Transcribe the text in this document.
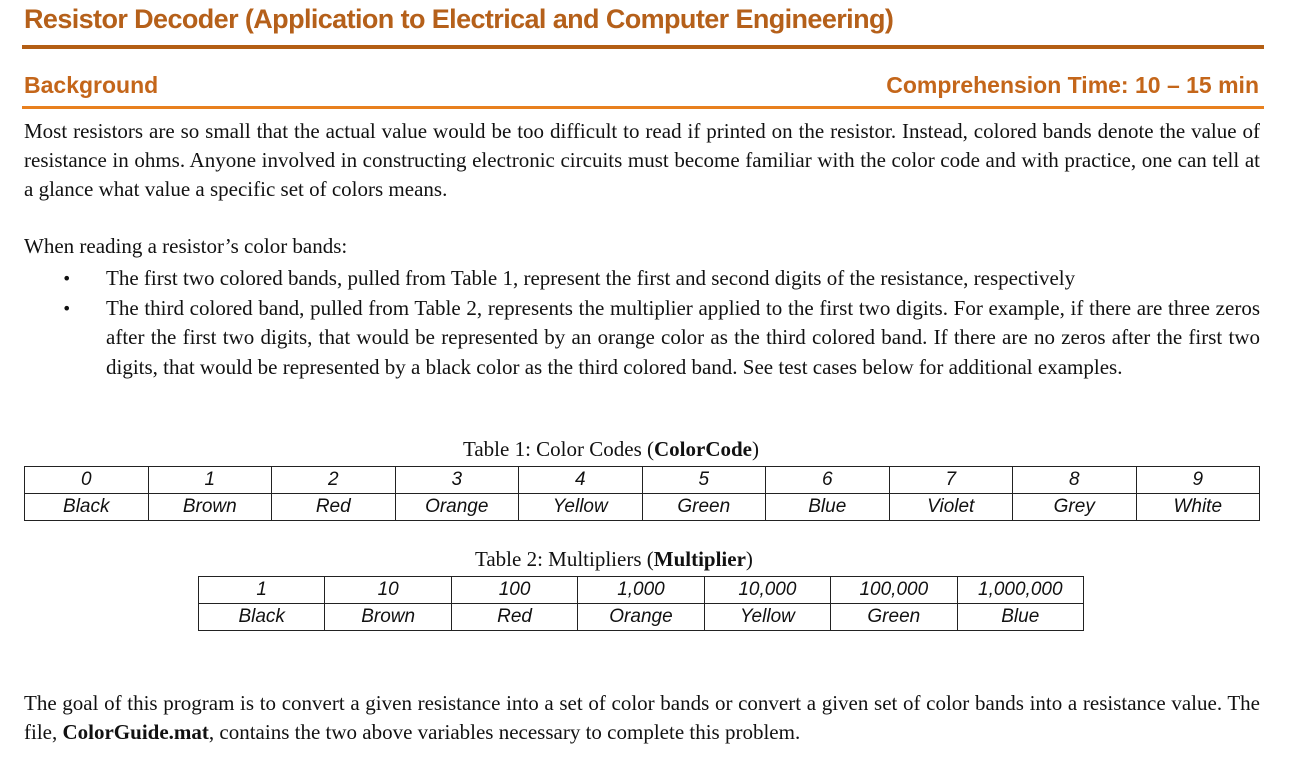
Resistor Decoder (Application to Electrical and Computer Engineering)
Background	Comprehension Time: 10 – 15 min
Most resistors are so small that the actual value would be too difficult to read if printed on the resistor. Instead, colored bands denote the value of resistance in ohms. Anyone involved in constructing electronic circuits must become familiar with the color code and with practice, one can tell at a glance what value a specific set of colors means.
When reading a resistor’s color bands:
• The first two colored bands, pulled from Table 1, represent the first and second digits of the resistance, respectively
• The third colored band, pulled from Table 2, represents the multiplier applied to the first two digits. For example, if there are three zeros after the first two digits, that would be represented by an orange color as the third colored band. If there are no zeros after the first two digits, that would be represented by a black color as the third colored band. See test cases below for additional examples.
Table 1: Color Codes (ColorCode)
0	1	2	3	4	5	6	7	8	9
Black	Brown	Red	Orange	Yellow	Green	Blue	Violet	Grey	White
Table 2: Multipliers (Multiplier)
1	10	100	1,000	10,000	100,000	1,000,000
Black	Brown	Red	Orange	Yellow	Green	Blue
The goal of this program is to convert a given resistance into a set of color bands or convert a given set of color bands into a resistance value. The file, ColorGuide.mat, contains the two above variables necessary to complete this problem.
